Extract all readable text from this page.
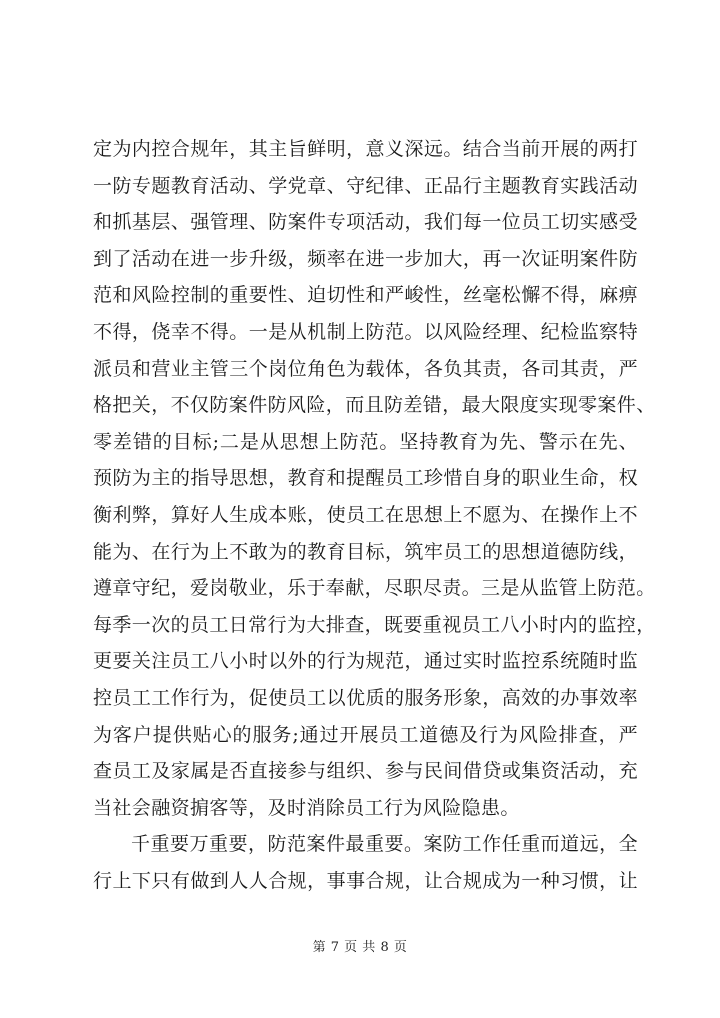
定为内控合规年，其主旨鲜明，意义深远。结合当前开展的两打
一防专题教育活动、学党章、守纪律、正品行主题教育实践活动
和抓基层、强管理、防案件专项活动，我们每一位员工切实感受
到了活动在进一步升级，频率在进一步加大，再一次证明案件防
范和风险控制的重要性、迫切性和严峻性，丝毫松懈不得，麻痹
不得，侥幸不得。一是从机制上防范。以风险经理、纪检监察特
派员和营业主管三个岗位角色为载体，各负其责，各司其责，严
格把关，不仅防案件防风险，而且防差错，最大限度实现零案件、
零差错的目标;二是从思想上防范。坚持教育为先、警示在先、
预防为主的指导思想，教育和提醒员工珍惜自身的职业生命，权
衡利弊，算好人生成本账，使员工在思想上不愿为、在操作上不
能为、在行为上不敢为的教育目标，筑牢员工的思想道德防线，
遵章守纪，爱岗敬业，乐于奉献，尽职尽责。三是从监管上防范。
每季一次的员工日常行为大排查，既要重视员工八小时内的监控，
更要关注员工八小时以外的行为规范，通过实时监控系统随时监
控员工工作行为，促使员工以优质的服务形象，高效的办事效率
为客户提供贴心的服务;通过开展员工道德及行为风险排查，严
查员工及家属是否直接参与组织、参与民间借贷或集资活动，充
当社会融资掮客等，及时消除员工行为风险隐患。
千重要万重要，防范案件最重要。案防工作任重而道远，全
行上下只有做到人人合规，事事合规，让合规成为一种习惯，让
第 7 页 共 8 页
